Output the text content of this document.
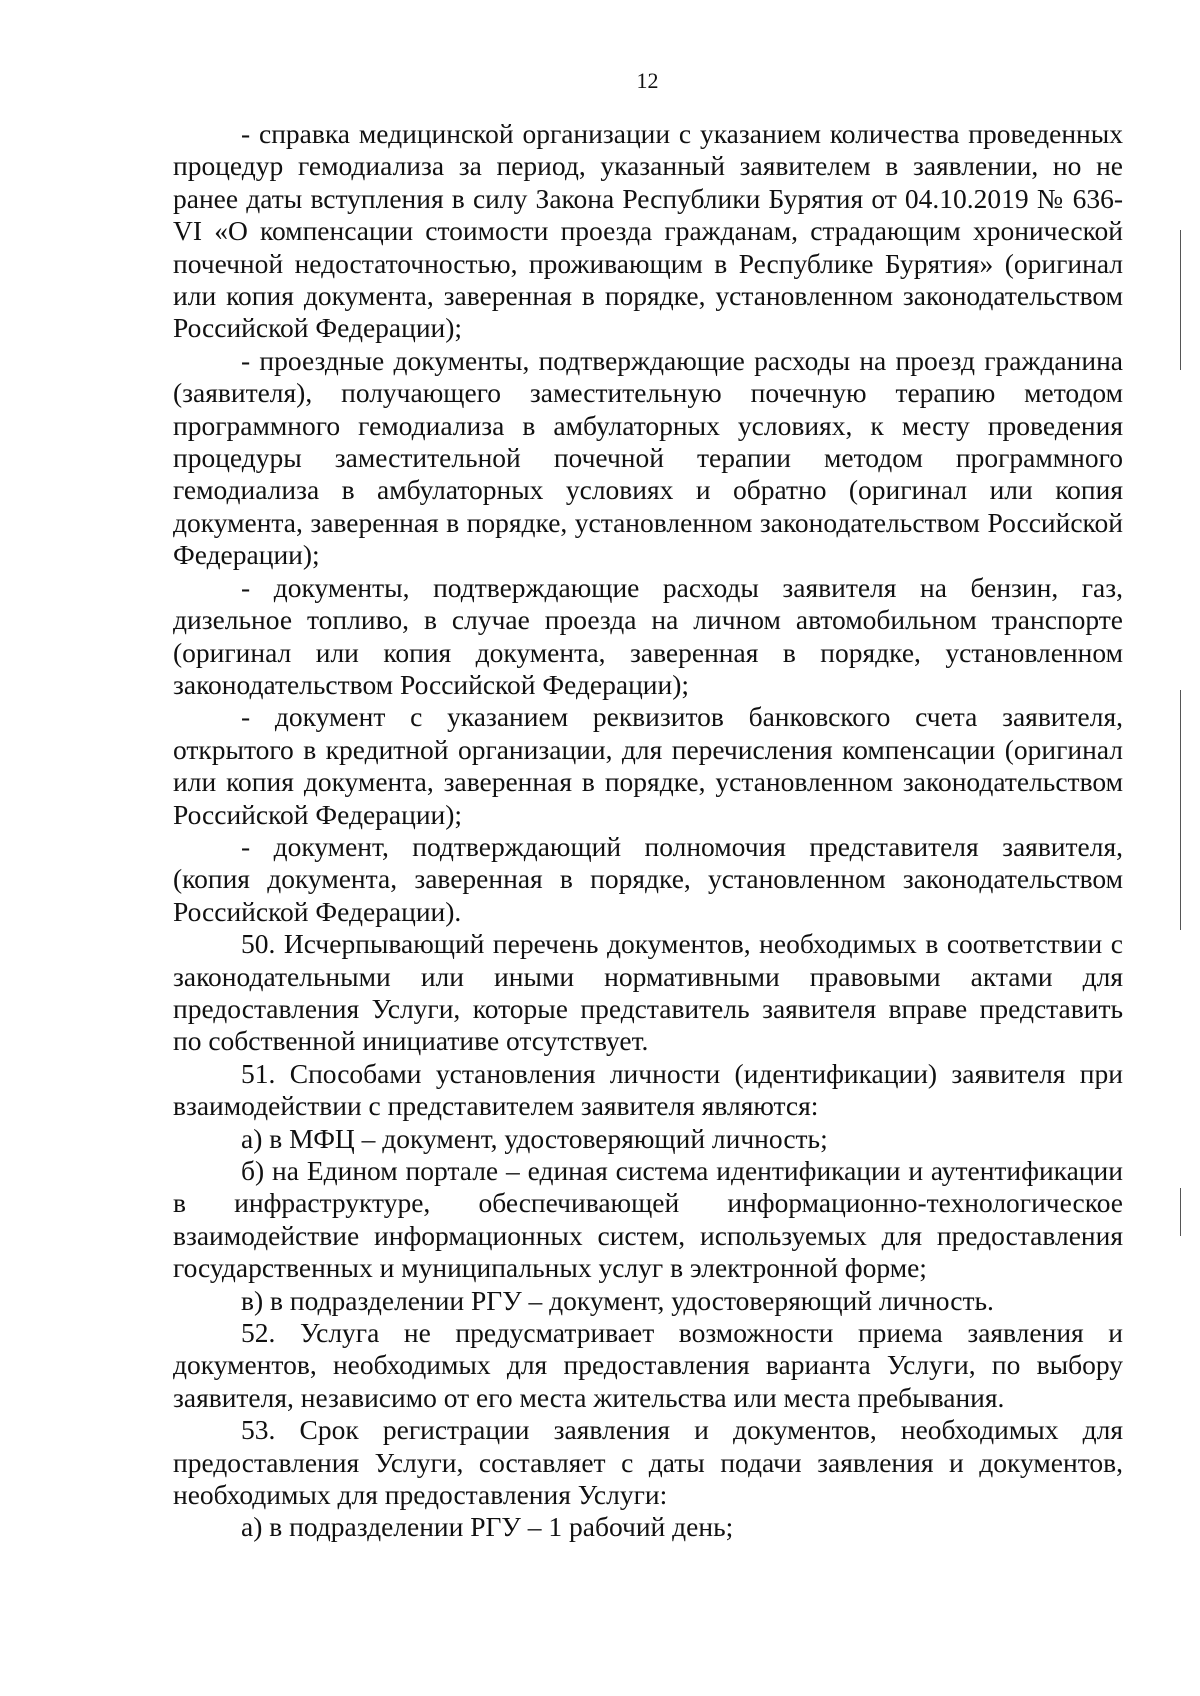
12

- справка медицинской организации с указанием количества проведенных процедур гемодиализа за период, указанный заявителем в заявлении, но не ранее даты вступления в силу Закона Республики Бурятия от 04.10.2019 № 636-VI «О компенсации стоимости проезда гражданам, страдающим хронической почечной недостаточностью, проживающим в Республике Бурятия» (оригинал или копия документа, заверенная в порядке, установленном законодательством Российской Федерации);

- проездные документы, подтверждающие расходы на проезд гражданина (заявителя), получающего заместительную почечную терапию методом программного гемодиализа в амбулаторных условиях, к месту проведения процедуры заместительной почечной терапии методом программного гемодиализа в амбулаторных условиях и обратно (оригинал или копия документа, заверенная в порядке, установленном законодательством Российской Федерации);

- документы, подтверждающие расходы заявителя на бензин, газ, дизельное топливо, в случае проезда на личном автомобильном транспорте (оригинал или копия документа, заверенная в порядке, установленном законодательством Российской Федерации);

- документ с указанием реквизитов банковского счета заявителя, открытого в кредитной организации, для перечисления компенсации (оригинал или копия документа, заверенная в порядке, установленном законодательством Российской Федерации);

- документ, подтверждающий полномочия представителя заявителя, (копия документа, заверенная в порядке, установленном законодательством Российской Федерации).

50. Исчерпывающий перечень документов, необходимых в соответствии с законодательными или иными нормативными правовыми актами для предоставления Услуги, которые представитель заявителя вправе представить по собственной инициативе отсутствует.

51. Способами установления личности (идентификации) заявителя при взаимодействии с представителем заявителя являются:

а) в МФЦ – документ, удостоверяющий личность;

б) на Едином портале – единая система идентификации и аутентификации в инфраструктуре, обеспечивающей информационно-технологическое взаимодействие информационных систем, используемых для предоставления государственных и муниципальных услуг в электронной форме;

в) в подразделении РГУ – документ, удостоверяющий личность.

52. Услуга не предусматривает возможности приема заявления и документов, необходимых для предоставления варианта Услуги, по выбору заявителя, независимо от его места жительства или места пребывания.

53. Срок регистрации заявления и документов, необходимых для предоставления Услуги, составляет с даты подачи заявления и документов, необходимых для предоставления Услуги:

а) в подразделении РГУ – 1 рабочий день;
